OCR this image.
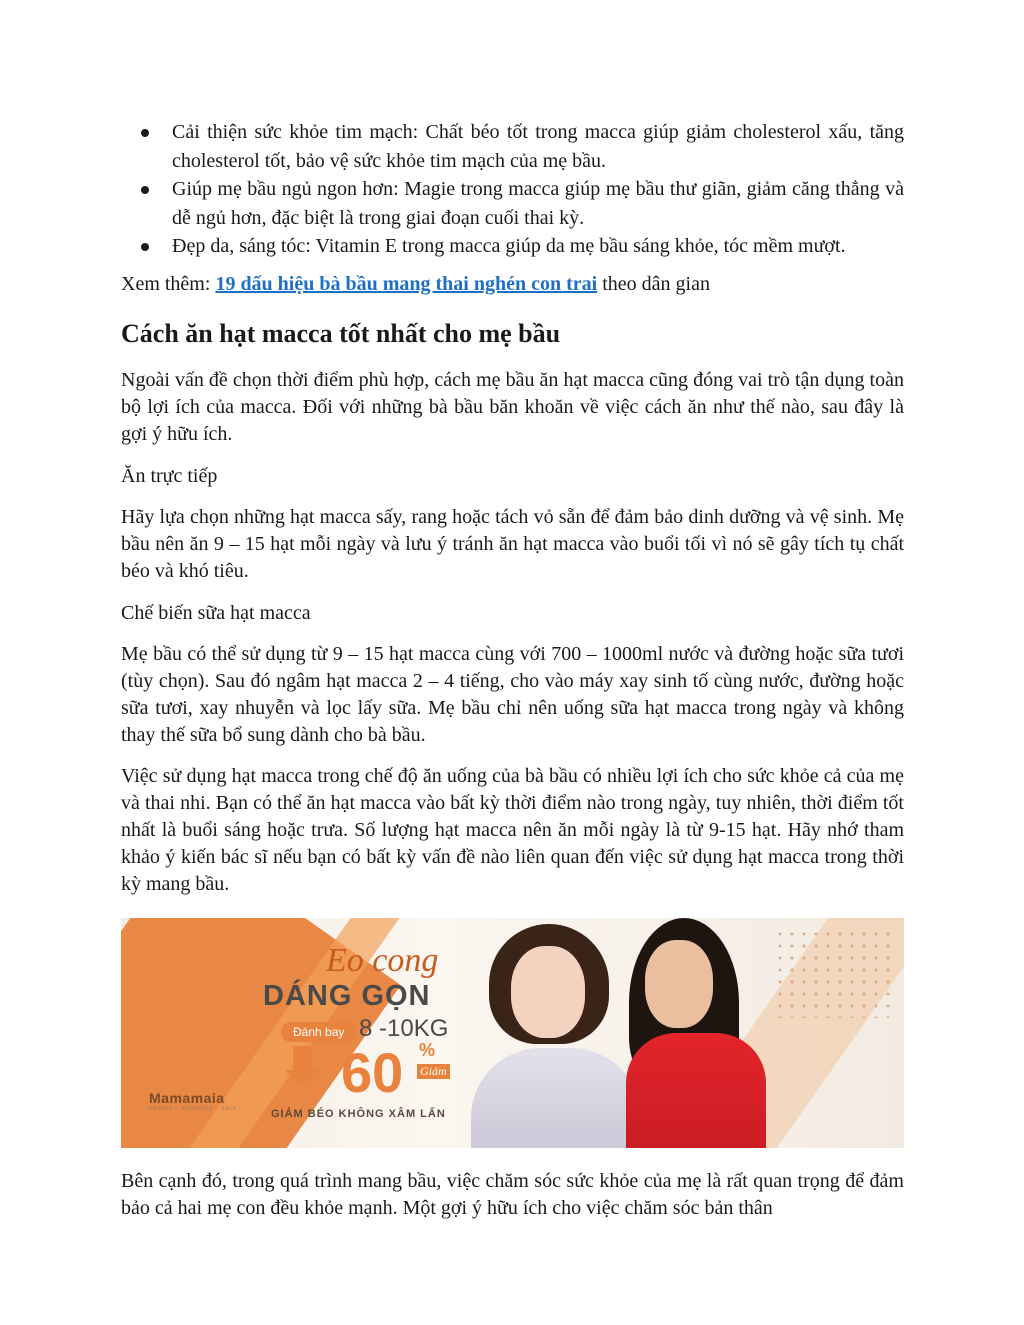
Cải thiện sức khỏe tim mạch: Chất béo tốt trong macca giúp giảm cholesterol xấu, tăng cholesterol tốt, bảo vệ sức khỏe tim mạch của mẹ bầu.
Giúp mẹ bầu ngủ ngon hơn: Magie trong macca giúp mẹ bầu thư giãn, giảm căng thẳng và dễ ngủ hơn, đặc biệt là trong giai đoạn cuối thai kỳ.
Đẹp da, sáng tóc: Vitamin E trong macca giúp da mẹ bầu sáng khỏe, tóc mềm mượt.

Xem thêm: 19 dấu hiệu bà bầu mang thai nghén con trai theo dân gian

Cách ăn hạt macca tốt nhất cho mẹ bầu

Ngoài vấn đề chọn thời điểm phù hợp, cách mẹ bầu ăn hạt macca cũng đóng vai trò tận dụng toàn bộ lợi ích của macca. Đối với những bà bầu băn khoăn về việc cách ăn như thế nào, sau đây là gợi ý hữu ích.

Ăn trực tiếp

Hãy lựa chọn những hạt macca sấy, rang hoặc tách vỏ sẵn để đảm bảo dinh dưỡng và vệ sinh. Mẹ bầu nên ăn 9 – 15 hạt mỗi ngày và lưu ý tránh ăn hạt macca vào buổi tối vì nó sẽ gây tích tụ chất béo và khó tiêu.

Chế biến sữa hạt macca

Mẹ bầu có thể sử dụng từ 9 – 15 hạt macca cùng với 700 – 1000ml nước và đường hoặc sữa tươi (tùy chọn). Sau đó ngâm hạt macca 2 – 4 tiếng, cho vào máy xay sinh tố cùng nước, đường hoặc sữa tươi, xay nhuyễn và lọc lấy sữa. Mẹ bầu chỉ nên uống sữa hạt macca trong ngày và không thay thế sữa bổ sung dành cho bà bầu.

Việc sử dụng hạt macca trong chế độ ăn uống của bà bầu có nhiều lợi ích cho sức khỏe cả của mẹ và thai nhi. Bạn có thể ăn hạt macca vào bất kỳ thời điểm nào trong ngày, tuy nhiên, thời điểm tốt nhất là buổi sáng hoặc trưa. Số lượng hạt macca nên ăn mỗi ngày là từ 9-15 hạt. Hãy nhớ tham khảo ý kiến bác sĩ nếu bạn có bất kỳ vấn đề nào liên quan đến việc sử dụng hạt macca trong thời kỳ mang bầu.

Eo cong
DÁNG GỌN
Đánh bay 8 -10KG
60 %
Giảm
GIẢM BÉO KHÔNG XÂM LẤN
Mamamaia
beauty · slimming · care

Bên cạnh đó, trong quá trình mang bầu, việc chăm sóc sức khỏe của mẹ là rất quan trọng để đảm bảo cả hai mẹ con đều khỏe mạnh. Một gợi ý hữu ích cho việc chăm sóc bản thân
